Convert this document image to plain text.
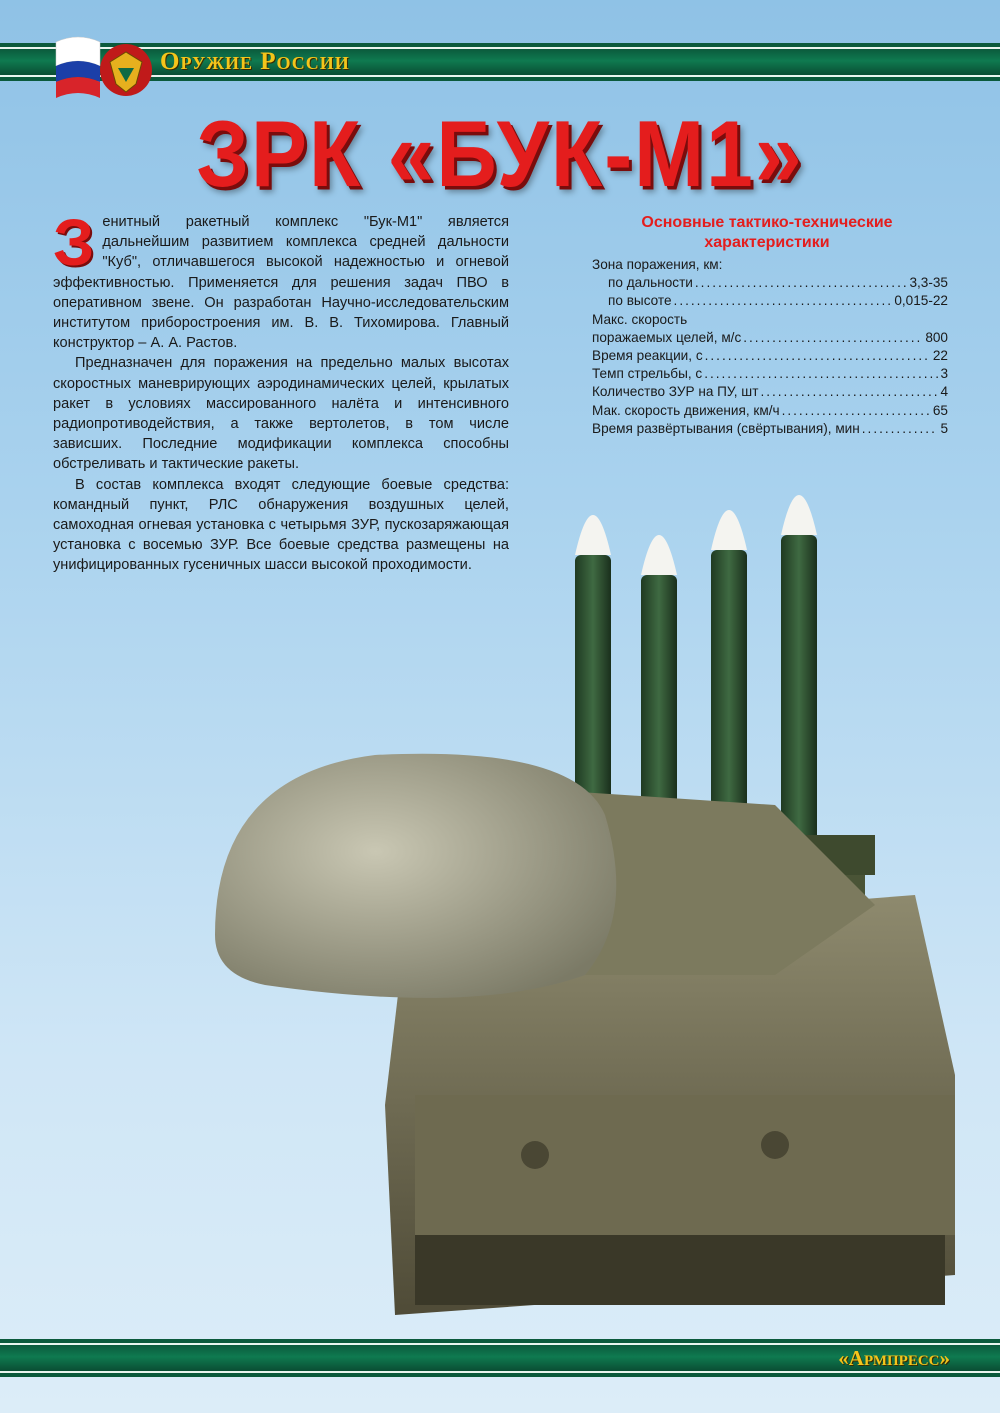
Оружие России
ЗРК «БУК-М1»

Зенитный ракетный комплекс "Бук-М1" является дальнейшим развитием комплекса средней дальности "Куб", отличавшегося высокой надежностью и огневой эффективностью. Применяется для решения задач ПВО в оперативном звене. Он разработан Научно-исследовательским институтом приборостроения им. В. В. Тихомирова. Главный конструктор – А. А. Растов.

Предназначен для поражения на предельно малых высотах скоростных маневрирующих аэродинамических целей, крылатых ракет в условиях массированного налёта и интенсивного радиопротиводействия, а также вертолетов, в том числе зависших. Последние модификации комплекса способны обстреливать и тактические ракеты.

В состав комплекса входят следующие боевые средства: командный пункт, РЛС обнаружения воздушных целей, самоходная огневая установка с четырьмя ЗУР, пускозаряжающая установка с восемью ЗУР. Все боевые средства размещены на унифицированных гусеничных шасси высокой проходимости.

Основные тактико-технические
характеристики
Зона поражения, км:
по дальности .....	3,3-35
по высоте .....	0,015-22
Макс. скорость
поражаемых целей, м/с .....	800
Время реакции, с .....	22
Темп стрельбы, с .....	3
Количество ЗУР на ПУ, шт .....	4
Мак. скорость движения, км/ч .....	65
Время развёртывания (свёртывания), мин .....	5
«Армпресс»
